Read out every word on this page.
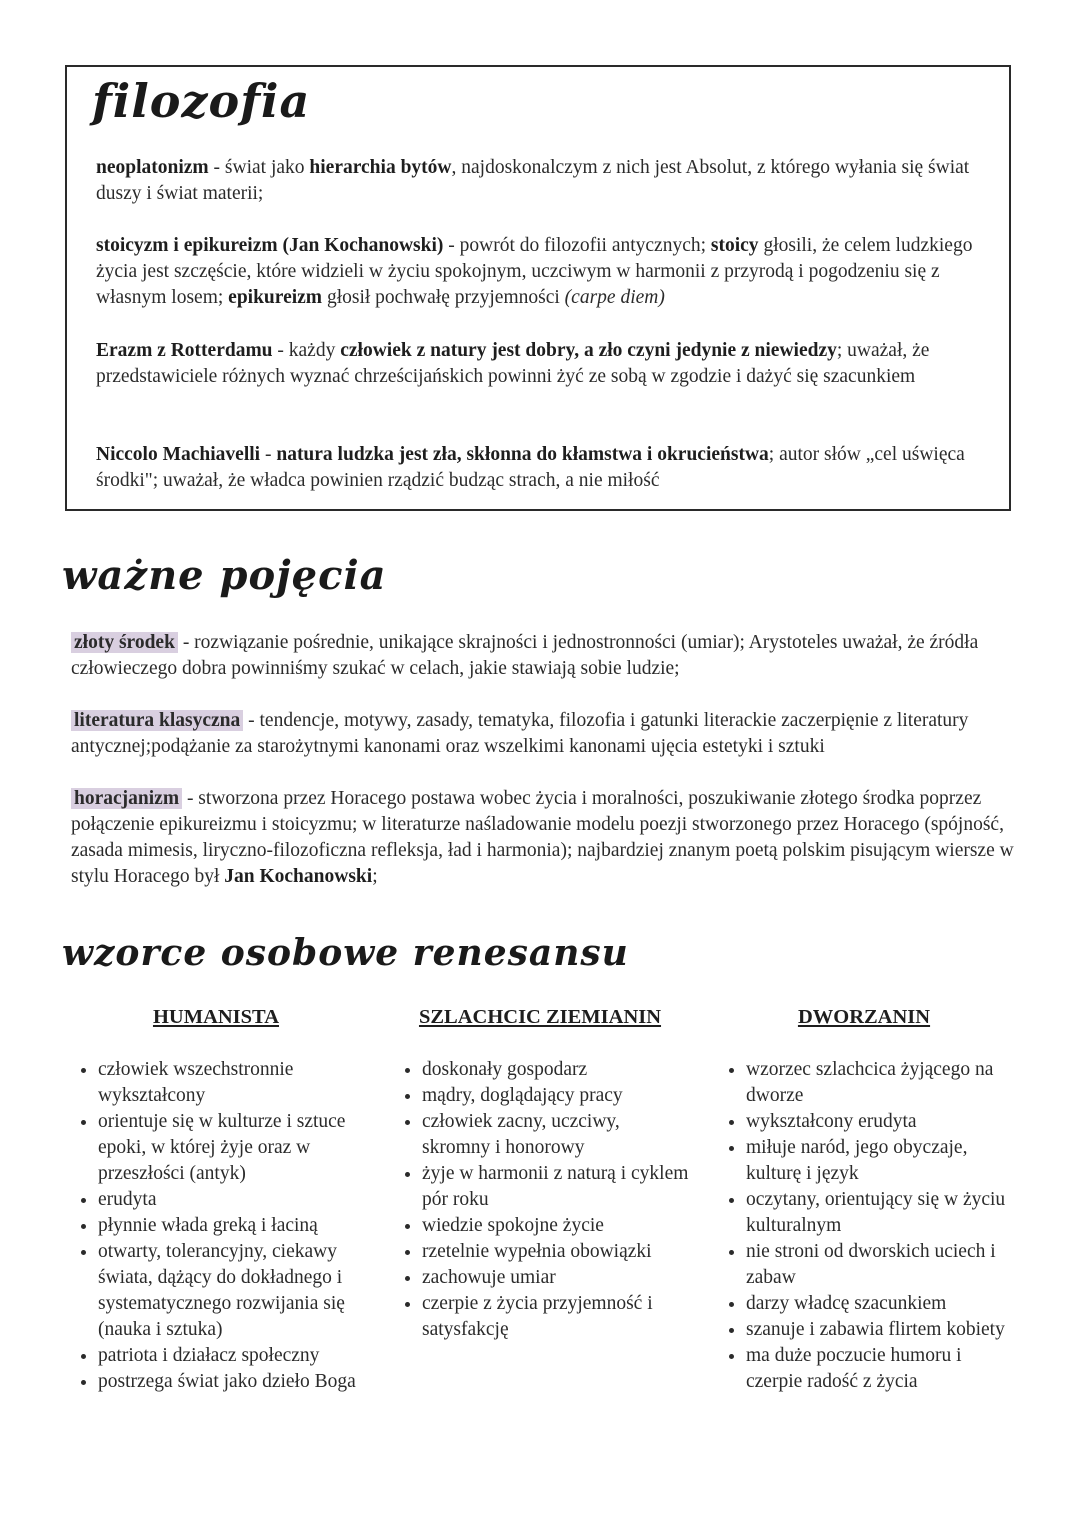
filozofia

neoplatonizm - świat jako hierarchia bytów, najdoskonalczym z nich jest Absolut, z którego wyłania się świat duszy i świat materii;

stoicyzm i epikureizm (Jan Kochanowski) - powrót do filozofii antycznych; stoicy głosili, że celem ludzkiego życia jest szczęście, które widzieli w życiu spokojnym, uczciwym w harmonii z przyrodą i pogodzeniu się z własnym losem; epikureizm głosił pochwałę przyjemności (carpe diem)

Erazm z Rotterdamu - każdy człowiek z natury jest dobry, a zło czyni jedynie z niewiedzy; uważał, że przedstawiciele różnych wyznać chrześcijańskich powinni żyć ze sobą w zgodzie i dażyć się szacunkiem

Niccolo Machiavelli - natura ludzka jest zła, skłonna do kłamstwa i okrucieństwa; autor słów „cel uświęca środki"; uważał, że władca powinien rządzić budząc strach, a nie miłość

ważne pojęcia

złoty środek - rozwiązanie pośrednie, unikające skrajności i jednostronności (umiar); Arystoteles uważał, że źródła człowieczego dobra powinniśmy szukać w celach, jakie stawiają sobie ludzie;

literatura klasyczna - tendencje, motywy, zasady, tematyka, filozofia i gatunki literackie zaczerpięnie z literatury antycznej;podążanie za starożytnymi kanonami oraz wszelkimi kanonami ujęcia estetyki i sztuki

horacjanizm - stworzona przez Horacego postawa wobec życia i moralności, poszukiwanie złotego środka poprzez połączenie epikureizmu i stoicyzmu; w literaturze naśladowanie modelu poezji stworzonego przez Horacego (spójność, zasada mimesis, liryczno-filozoficzna refleksja, ład i harmonia); najbardziej znanym poetą polskim pisującym wiersze w stylu Horacego był Jan Kochanowski;

wzorce osobowe renesansu
HUMANISTA
• człowiek wszechstronnie wykształcony
• orientuje się w kulturze i sztuce epoki, w której żyje oraz w przeszłości (antyk)
• erudyta
• płynnie włada greką i łaciną
• otwarty, tolerancyjny, ciekawy świata, dążący do dokładnego i systematycznego rozwijania się (nauka i sztuka)
• patriota i działacz społeczny
• postrzega świat jako dzieło Boga
SZLACHCIC ZIEMIANIN
• doskonały gospodarz
• mądry, doglądający pracy
• człowiek zacny, uczciwy, skromny i honorowy
• żyje w harmonii z naturą i cyklem pór roku
• wiedzie spokojne życie
• rzetelnie wypełnia obowiązki
• zachowuje umiar
• czerpie z życia przyjemność i satysfakcję
DWORZANIN
• wzorzec szlachcica żyjącego na dworze
• wykształcony erudyta
• miłuje naród, jego obyczaje, kulturę i język
• oczytany, orientujący się w życiu kulturalnym
• nie stroni od dworskich uciech i zabaw
• darzy władcę szacunkiem
• szanuje i zabawia flirtem kobiety
• ma duże poczucie humoru i czerpie radość z życia
